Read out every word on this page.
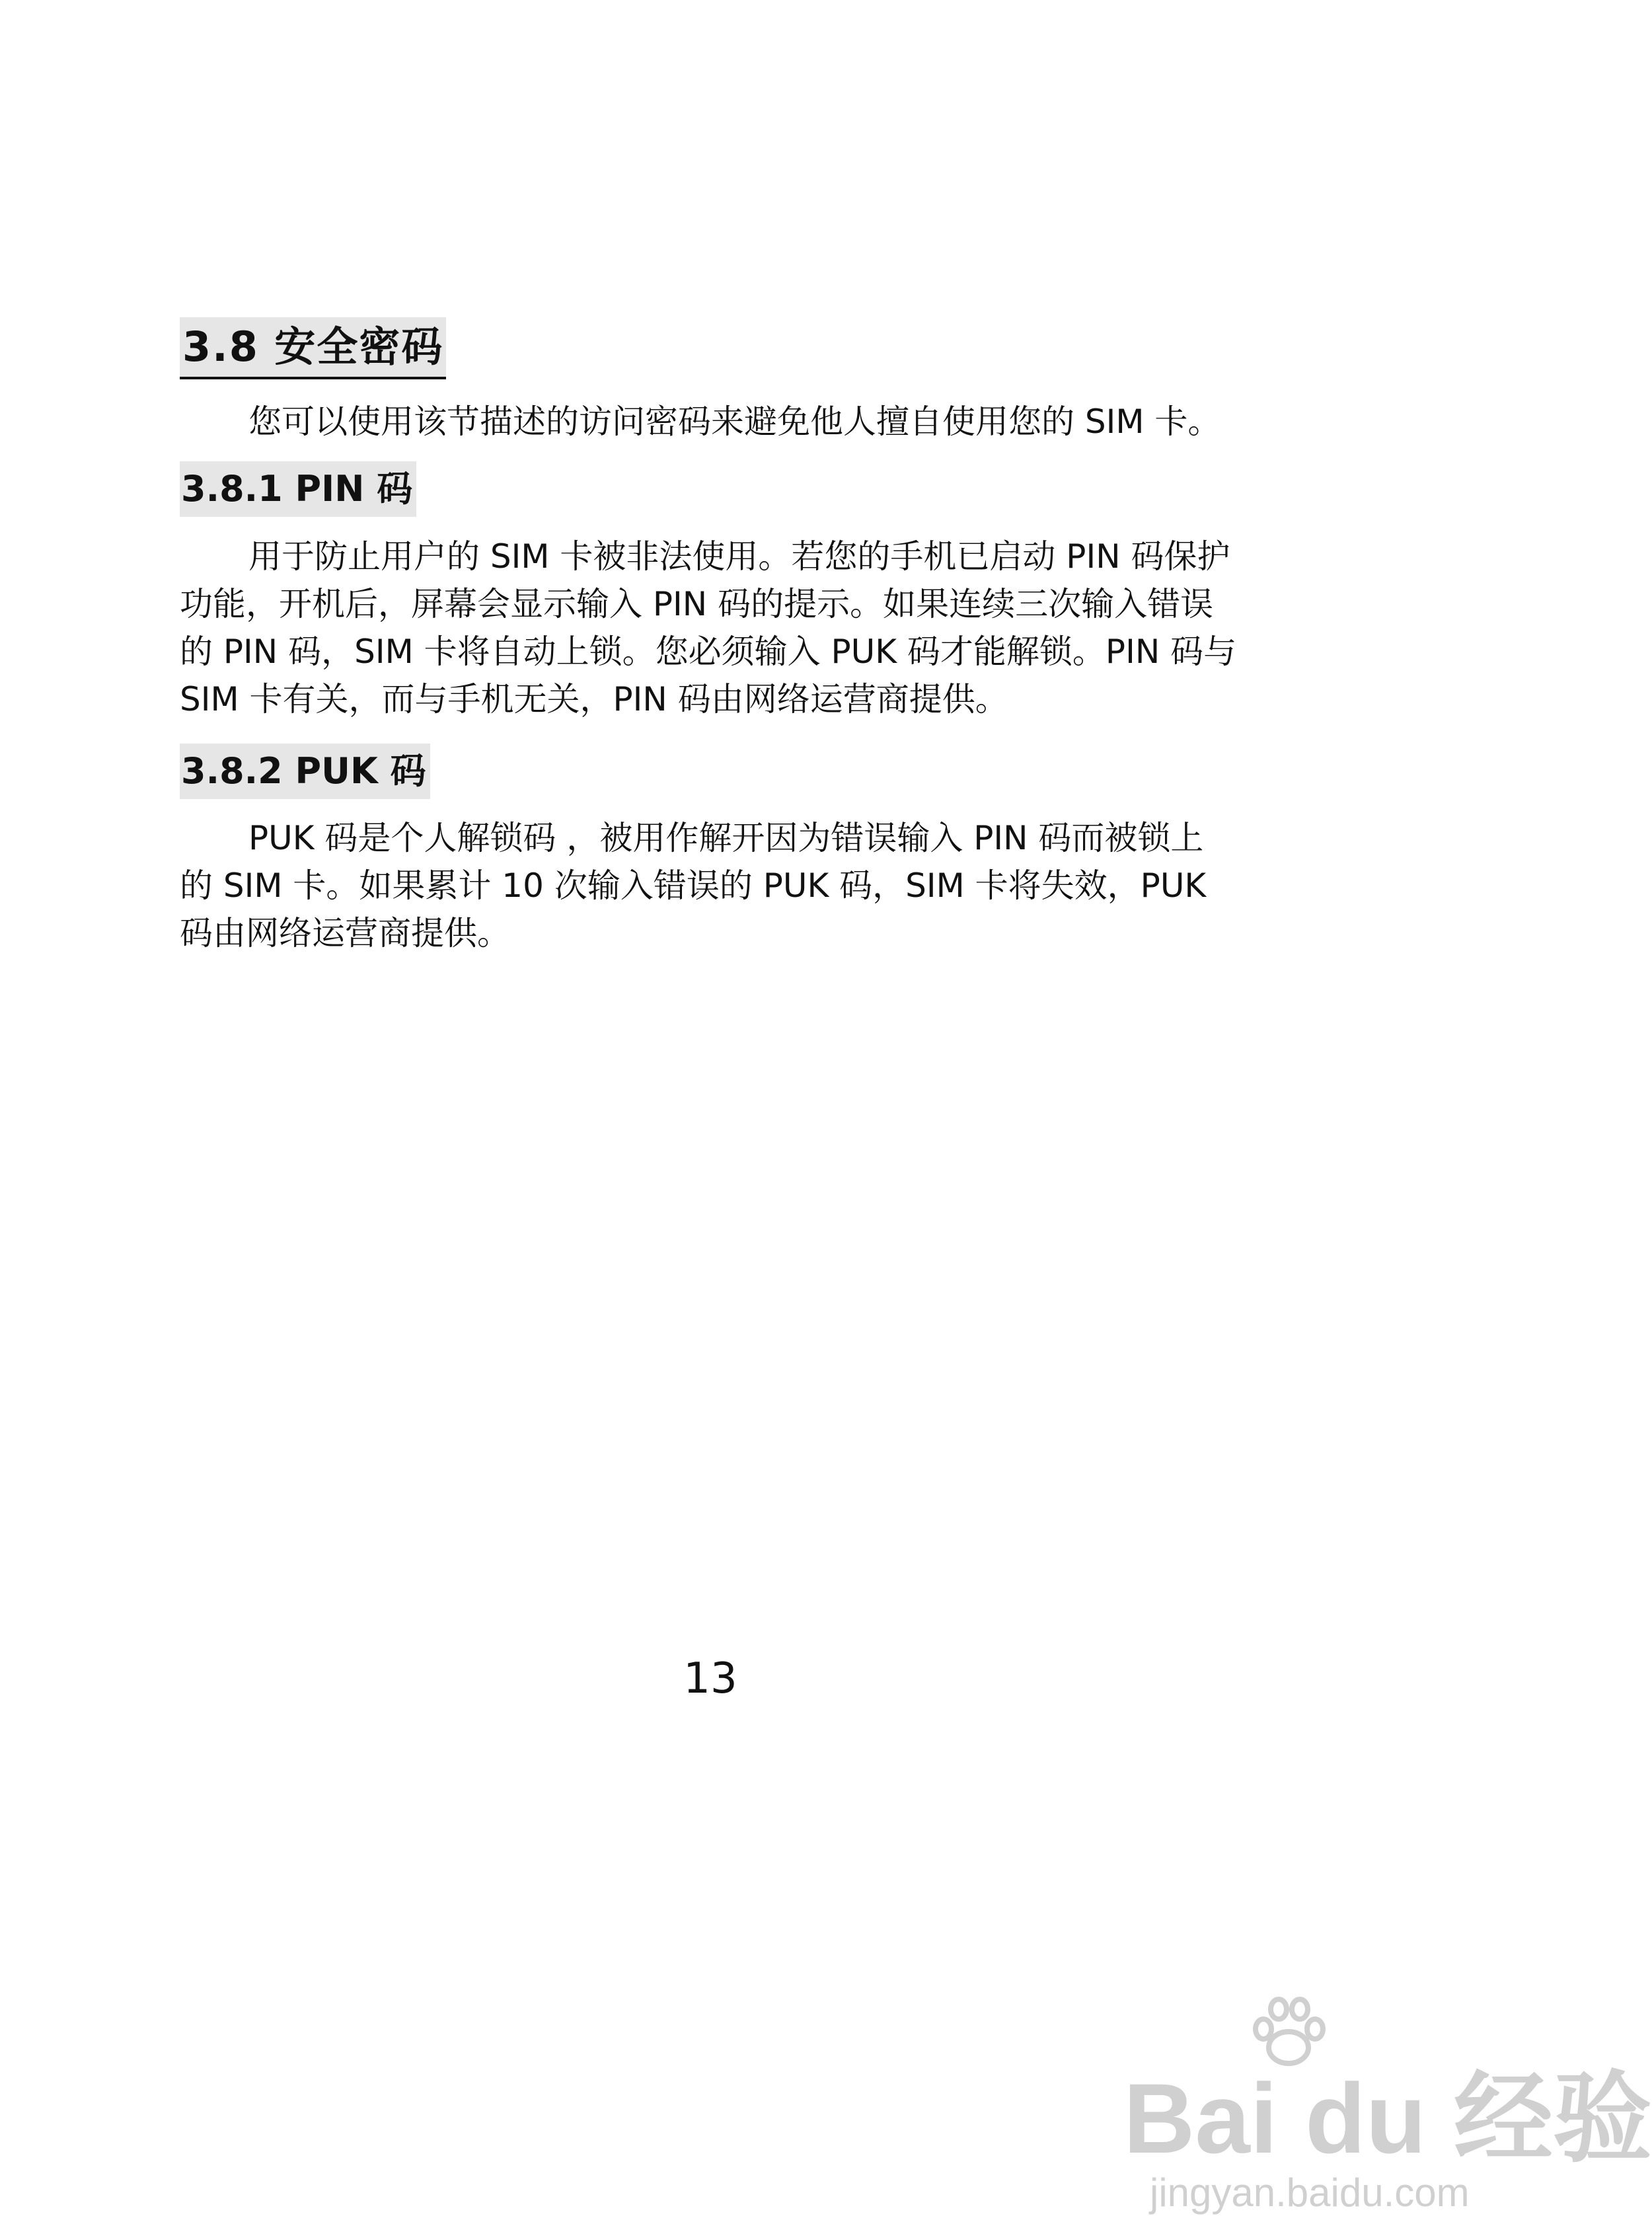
3.8 安全密码

您可以使用该节描述的访问密码来避免他人擅自使用您的 SIM 卡。

3.8.1 PIN 码

用于防止用户的 SIM 卡被非法使用。若您的手机已启动 PIN 码保护
功能，开机后，屏幕会显示输入 PIN 码的提示。如果连续三次输入错误
的 PIN 码，SIM 卡将自动上锁。您必须输入 PUK 码才能解锁。PIN 码与
SIM 卡有关，而与手机无关，PIN 码由网络运营商提供。

3.8.2 PUK 码

PUK 码是个人解锁码 ，被用作解开因为错误输入 PIN 码而被锁上
的 SIM 卡。如果累计 10 次输入错误的 PUK 码，SIM 卡将失效，PUK
码由网络运营商提供。

13
Bai du 经验
jingyan.baidu.com
